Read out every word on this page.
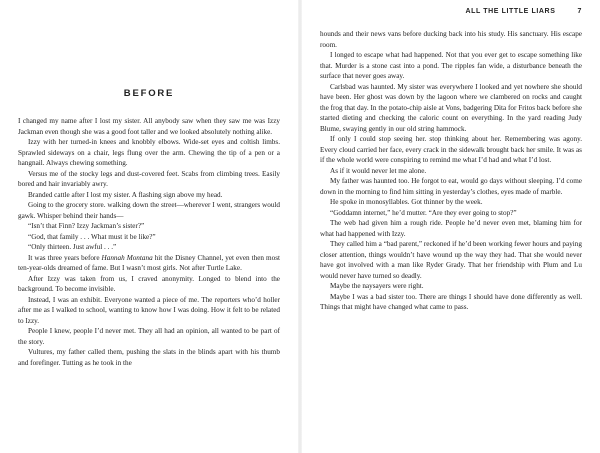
BEFORE

I changed my name after I lost my sister. All anybody saw when they saw me was Izzy Jackman even though she was a good foot taller and we looked absolutely nothing alike.

Izzy with her turned-in knees and knobbly elbows. Wide-set eyes and coltish limbs. Sprawled sideways on a chair, legs flung over the arm. Chewing the tip of a pen or a hangnail. Always chewing something.

Versus me of the stocky legs and dust-covered feet. Scabs from climbing trees. Easily bored and hair invariably awry.

Branded cattle after I lost my sister. A flashing sign above my head.

Going to the grocery store. walking down the street—wherever I went, strangers would gawk. Whisper behind their hands—

“Isn’t that Finn? Izzy Jackman’s sister?”

“God, that family . . . What must it be like?”

“Only thirteen. Just awful . . .”

It was three years before Hannah Montana hit the Disney Channel, yet even then most ten-year-olds dreamed of fame. But I wasn’t most girls. Not after Turtle Lake.

After Izzy was taken from us, I craved anonymity. Longed to blend into the background. To become invisible.

Instead, I was an exhibit. Everyone wanted a piece of me. The reporters who’d holler after me as I walked to school, wanting to know how I was doing. How it felt to be related to Izzy.

People I knew, people I’d never met. They all had an opinion, all wanted to be part of the story.

Vultures, my father called them, pushing the slats in the blinds apart with his thumb and forefinger. Tutting as he took in the

ALL THE LITTLE LIARS	7

hounds and their news vans before ducking back into his study. His sanctuary. His escape room.

I longed to escape what had happened. Not that you ever get to escape something like that. Murder is a stone cast into a pond. The ripples fan wide, a disturbance beneath the surface that never goes away.

Carlsbad was haunted. My sister was everywhere I looked and yet nowhere she should have been. Her ghost was down by the lagoon where we clambered on rocks and caught the frog that day. In the potato-chip aisle at Vons, badgering Dita for Fritos back before she started dieting and checking the caloric count on everything. In the yard reading Judy Blume, swaying gently in our old string hammock.

If only I could stop seeing her. stop thinking about her. Remembering was agony. Every cloud carried her face, every crack in the sidewalk brought back her smile. It was as if the whole world were conspiring to remind me what I’d had and what I’d lost.

As if it would never let me alone.

My father was haunted too. He forgot to eat, would go days without sleeping. I’d come down in the morning to find him sitting in yesterday’s clothes, eyes made of marble.

He spoke in monosyllables. Got thinner by the week.

“Goddamn internet,” he’d mutter. “Are they ever going to stop?”

The web had given him a rough ride. People he’d never even met, blaming him for what had happened with Izzy.

They called him a “bad parent,” reckoned if he’d been working fewer hours and paying closer attention, things wouldn’t have wound up the way they had. That she would never have got involved with a man like Ryder Grady. That her friendship with Plum and Lu would never have turned so deadly.

Maybe the naysayers were right.

Maybe I was a bad sister too. There are things I should have done differently as well. Things that might have changed what came to pass.
